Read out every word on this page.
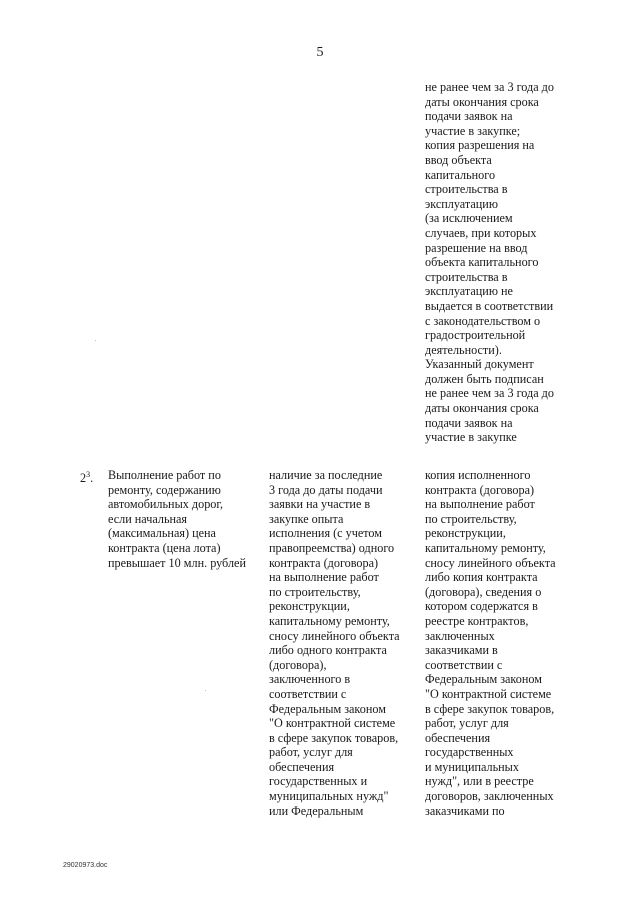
5
не ранее чем за 3 года до
даты окончания срока
подачи заявок на
участие в закупке;
копия разрешения на
ввод объекта
капитального
строительства в
эксплуатацию
(за исключением
случаев, при которых
разрешение на ввод
объекта капитального
строительства в
эксплуатацию не
выдается в соответствии
с законодательством о
градостроительной
деятельности).
Указанный документ
должен быть подписан
не ранее чем за 3 года до
даты окончания срока
подачи заявок на
участие в закупке
$2^3$.	Выполнение работ по
ремонту, содержанию
автомобильных дорог,
если начальная
(максимальная) цена
контракта (цена лота)
превышает 10 млн. рублей
наличие за последние
3 года до даты подачи
заявки на участие в
закупке опыта
исполнения (с учетом
правопреемства) одного
контракта (договора)
на выполнение работ
по строительству,
реконструкции,
капитальному ремонту,
сносу линейного объекта
либо одного контракта
(договора),
заключенного в
соответствии с
Федеральным законом
"О контрактной системе
в сфере закупок товаров,
работ, услуг для
обеспечения
государственных и
муниципальных нужд"
или Федеральным
копия исполненного
контракта (договора)
на выполнение работ
по строительству,
реконструкции,
капитальному ремонту,
сносу линейного объекта
либо копия контракта
(договора), сведения о
котором содержатся в
реестре контрактов,
заключенных
заказчиками в
соответствии с
Федеральным законом
"О контрактной системе
в сфере закупок товаров,
работ, услуг для
обеспечения
государственных
и муниципальных
нужд", или в реестре
договоров, заключенных
заказчиками по
29020973.doc
